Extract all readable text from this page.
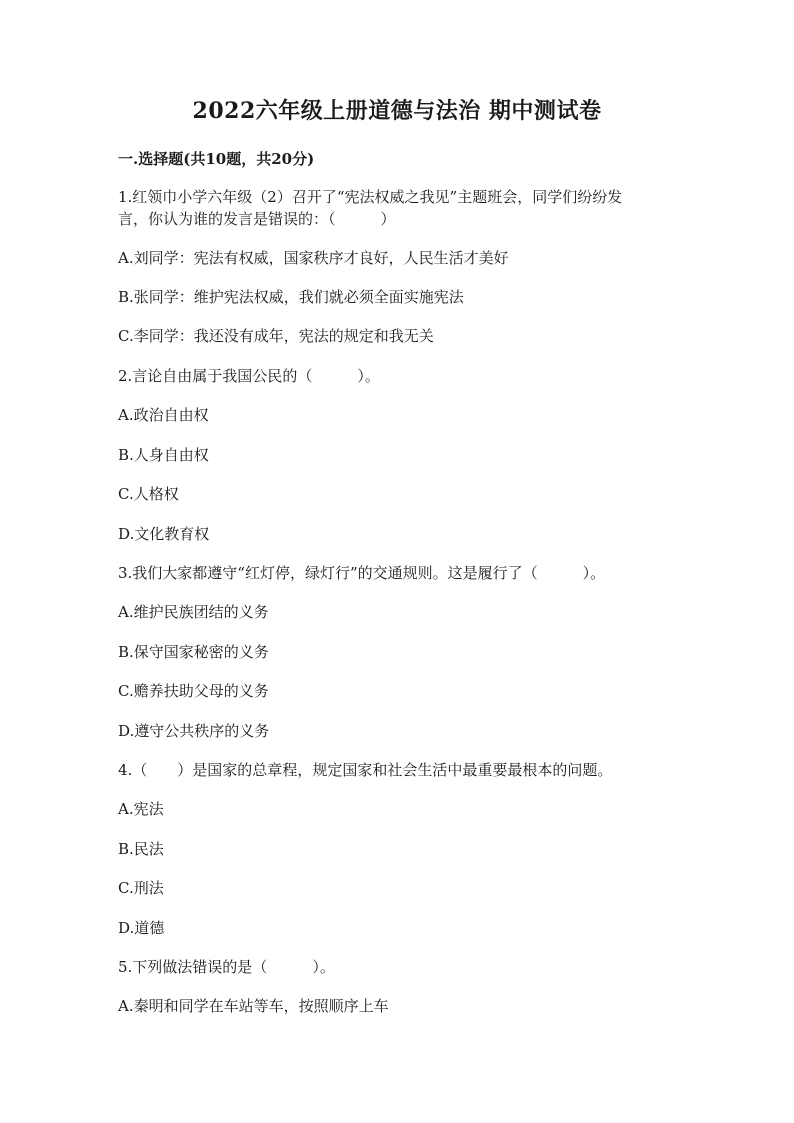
2022六年级上册道德与法治 期中测试卷
一.选择题(共10题，共20分)
1.红领巾小学六年级（2）召开了“宪法权威之我见”主题班会，同学们纷纷发
言，你认为谁的发言是错误的：（　　　）
A.刘同学：宪法有权威，国家秩序才良好，人民生活才美好
B.张同学：维护宪法权威，我们就必须全面实施宪法
C.李同学：我还没有成年，宪法的规定和我无关
2.言论自由属于我国公民的（　　　）。
A.政治自由权
B.人身自由权
C.人格权
D.文化教育权
3.我们大家都遵守“红灯停，绿灯行”的交通规则。这是履行了（　　　）。
A.维护民族团结的义务
B.保守国家秘密的义务
C.赡养扶助父母的义务
D.遵守公共秩序的义务
4.（　　）是国家的总章程，规定国家和社会生活中最重要最根本的问题。
A.宪法
B.民法
C.刑法
D.道德
5.下列做法错误的是（　　　）。
A.秦明和同学在车站等车，按照顺序上车
